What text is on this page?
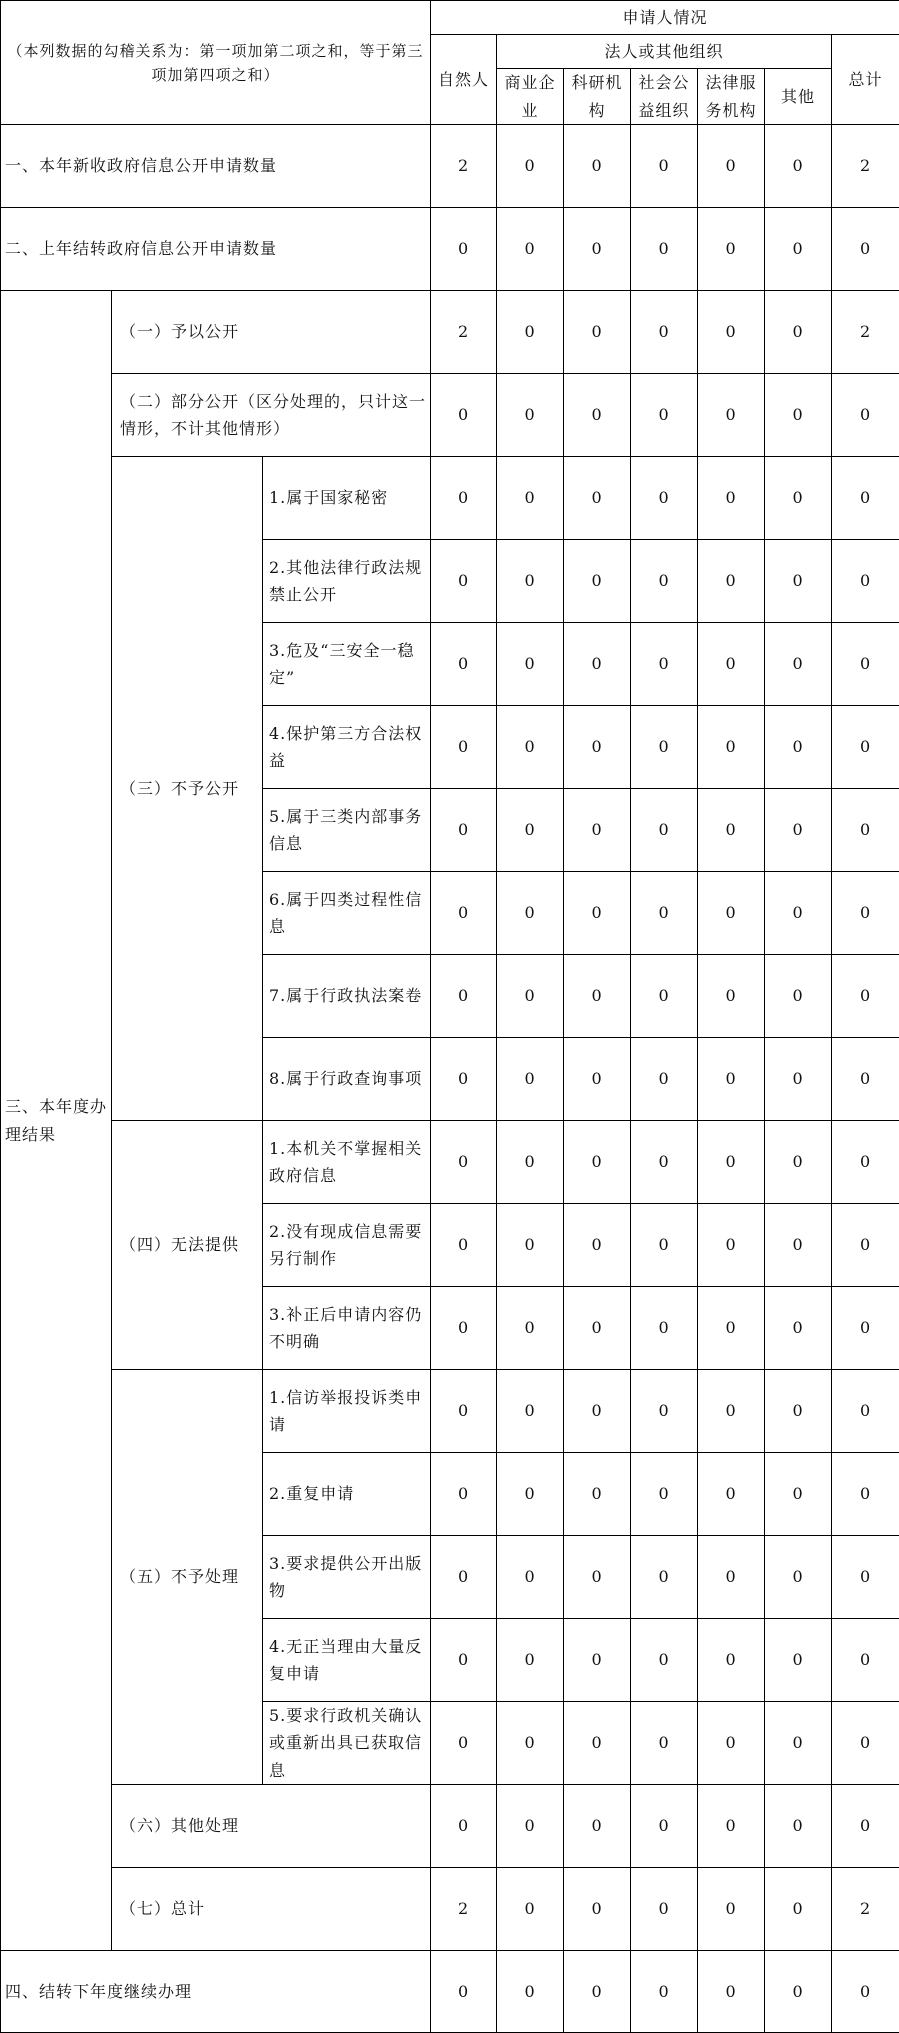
（本列数据的勾稽关系为：第一项加第二项之和，等于第三项加第四项之和）			申请人情况						
			自然人	法人或其他组织					总计
				商业企业	科研机构	社会公益组织	法律服务机构	其他	
一、本年新收政府信息公开申请数量			2	0	0	0	0	0	2
二、上年结转政府信息公开申请数量			0	0	0	0	0	0	0
三、本年度办理结果	（一）予以公开		2	0	0	0	0	0	2
	（二）部分公开（区分处理的，只计这一情形，不计其他情形）		0	0	0	0	0	0	0
	（三）不予公开	1.属于国家秘密	0	0	0	0	0	0	0
		2.其他法律行政法规禁止公开	0	0	0	0	0	0	0
		3.危及“三安全一稳定”	0	0	0	0	0	0	0
		4.保护第三方合法权益	0	0	0	0	0	0	0
		5.属于三类内部事务信息	0	0	0	0	0	0	0
		6.属于四类过程性信息	0	0	0	0	0	0	0
		7.属于行政执法案卷	0	0	0	0	0	0	0
		8.属于行政查询事项	0	0	0	0	0	0	0
	（四）无法提供	1.本机关不掌握相关政府信息	0	0	0	0	0	0	0
		2.没有现成信息需要另行制作	0	0	0	0	0	0	0
		3.补正后申请内容仍不明确	0	0	0	0	0	0	0
	（五）不予处理	1.信访举报投诉类申请	0	0	0	0	0	0	0
		2.重复申请	0	0	0	0	0	0	0
		3.要求提供公开出版物	0	0	0	0	0	0	0
		4.无正当理由大量反复申请	0	0	0	0	0	0	0
		5.要求行政机关确认或重新出具已获取信息	0	0	0	0	0	0	0
	（六）其他处理		0	0	0	0	0	0	0
	（七）总计		2	0	0	0	0	0	2
四、结转下年度继续办理			0	0	0	0	0	0	0
